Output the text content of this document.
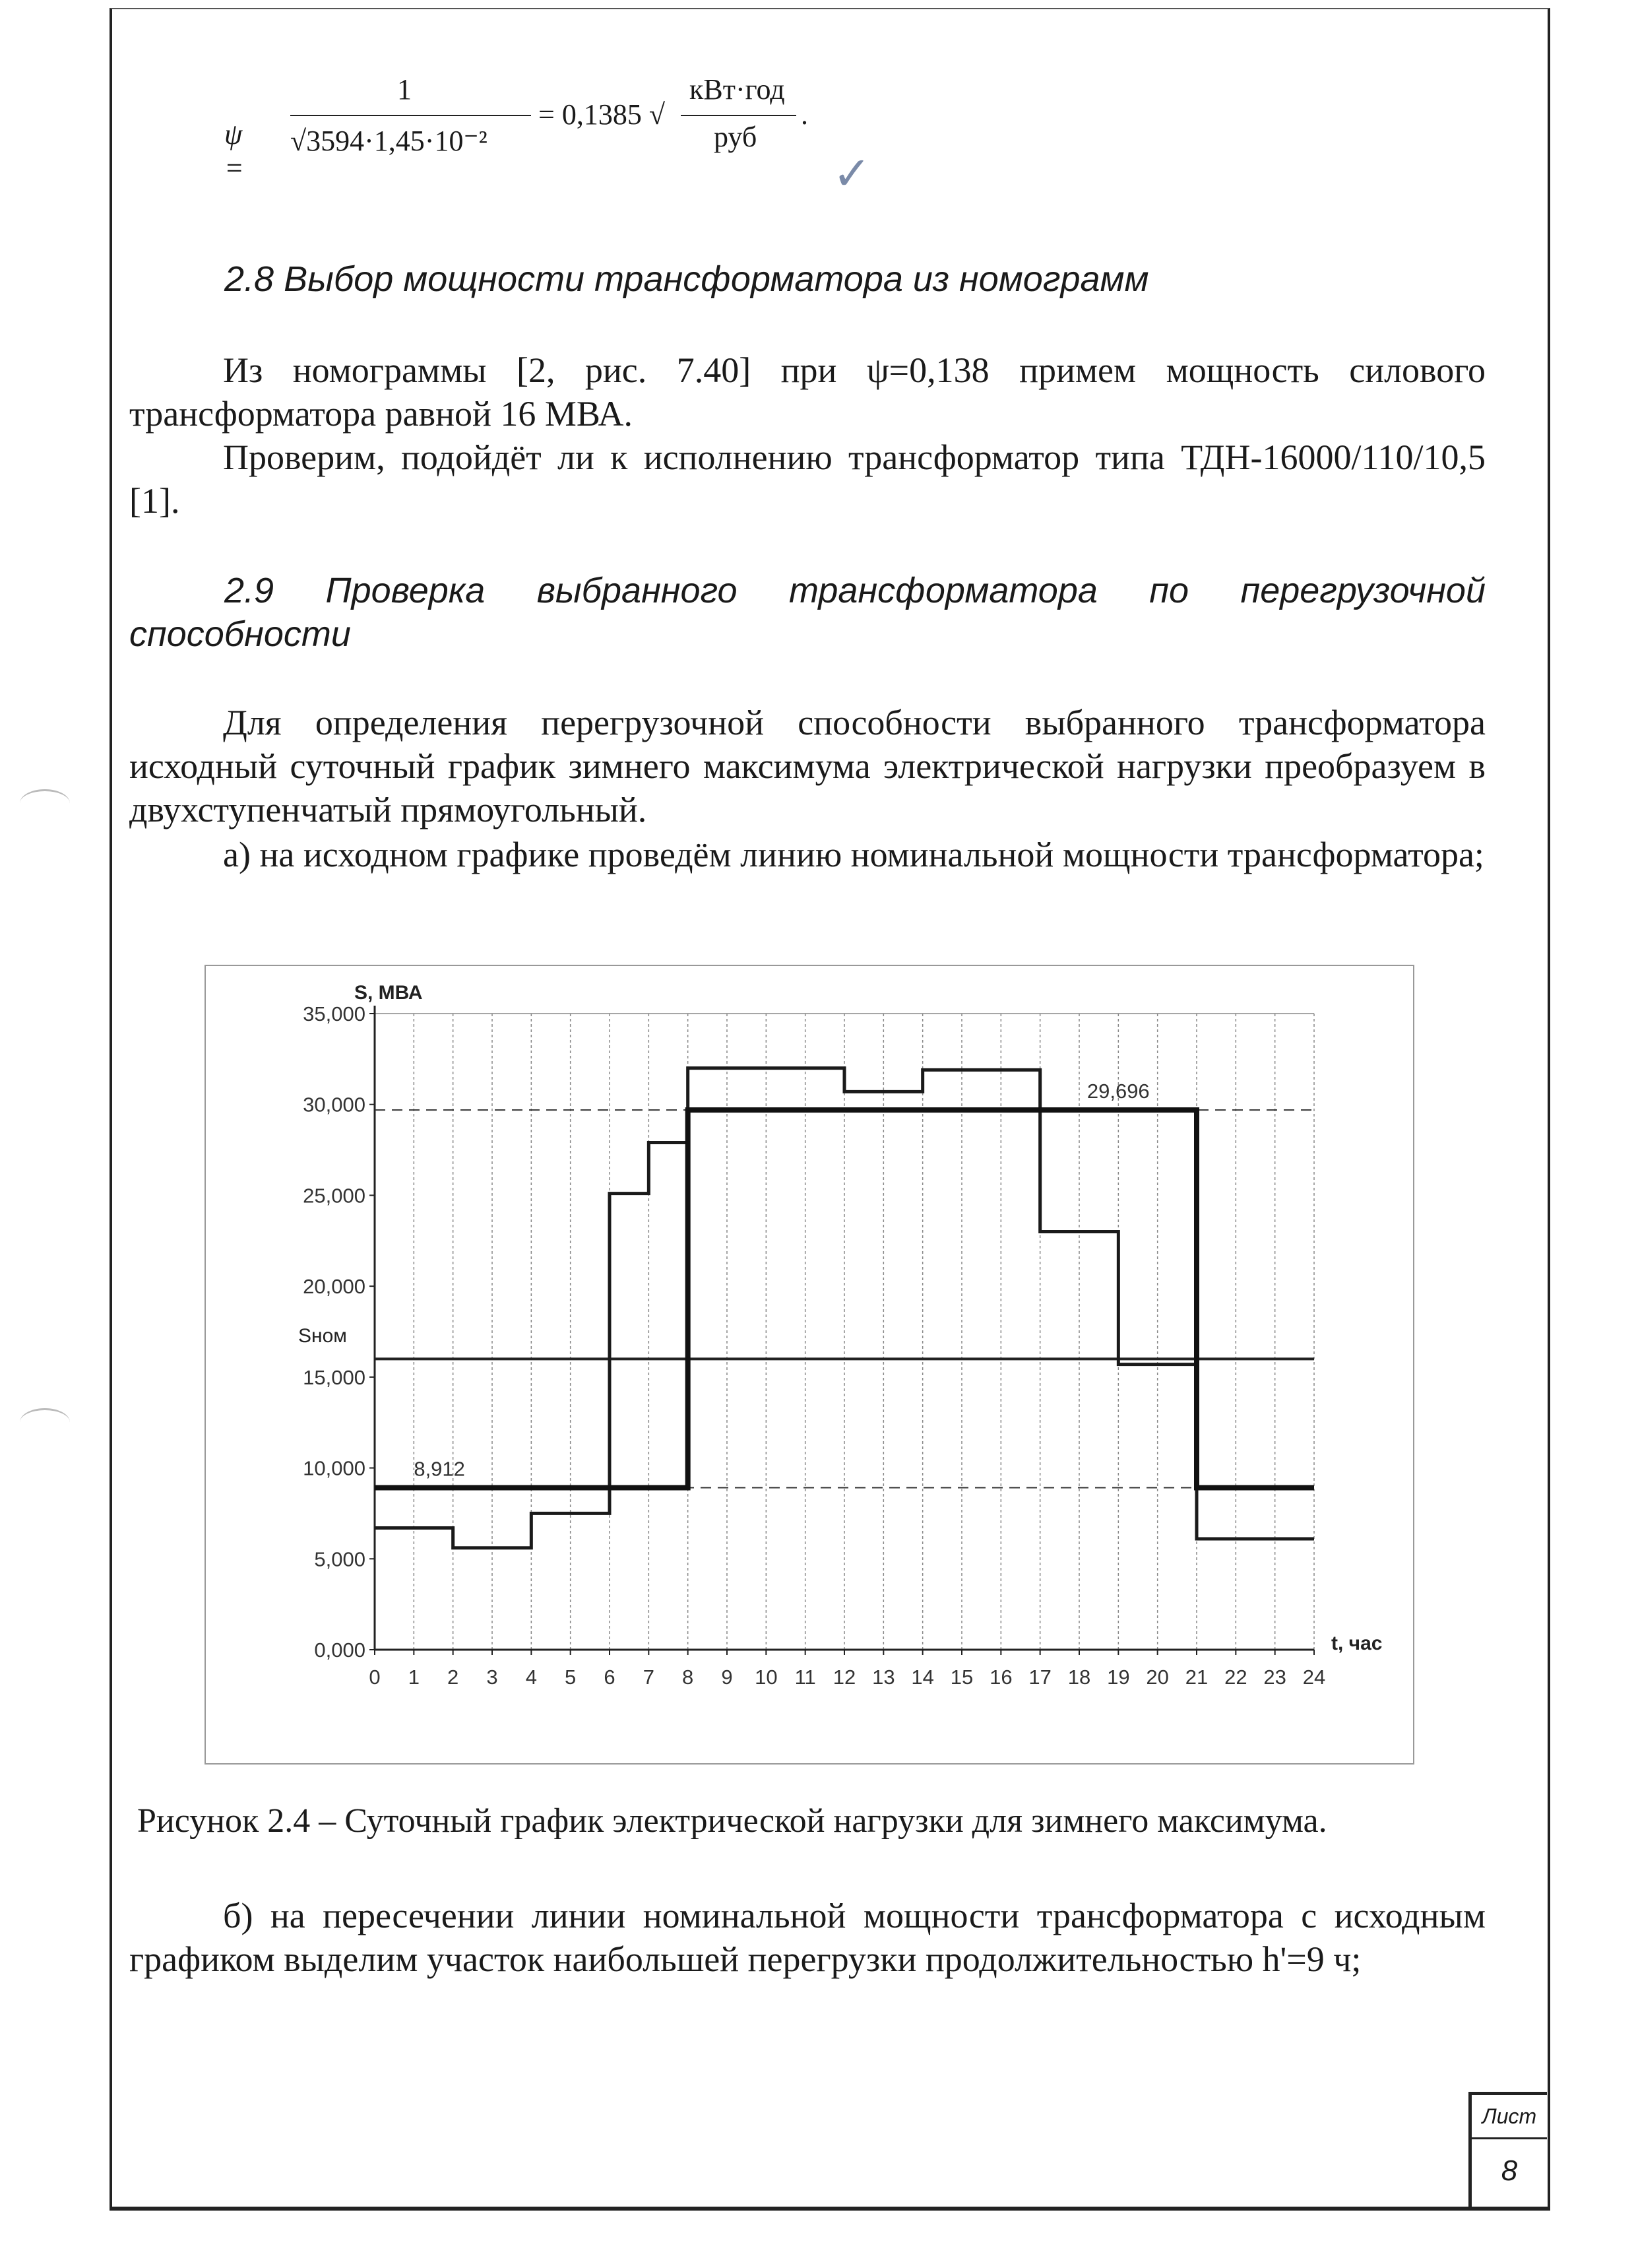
ψ =
1
√3594·1,45·10⁻²
= 0,1385 √
кВт·год
руб
.
✓
2.8 Выбор мощности трансформатора из номограмм
Из номограммы [2, рис. 7.40] при ψ=0,138 примем мощность силового трансформатора равной 16 МВА.
Проверим, подойдёт ли к исполнению трансформатор типа ТДН-16000/110/10,5 [1].
2.9 Проверка выбранного трансформатора по перегрузочной
способности
Для определения перегрузочной способности выбранного трансформатора исходный суточный график зимнего максимума электрической нагрузки преобразуем в двухступенчатый прямоугольный.
а) на исходном графике проведём линию номинальной мощности трансформатора;
S, МВА
t, час
Sном
0,000
5,000
10,000
15,000
20,000
25,000
30,000
35,000
0 1 2 3 4 5 6 7 8 9 10 11 12 13 14 15 16 17 18 19 20 21 22 23 24
29,696
8,912
Рисунок 2.4 – Суточный график электрической нагрузки для зимнего максимума.
б) на пересечении линии номинальной мощности трансформатора с исходным графиком выделим участок наибольшей перегрузки продолжительностью h'=9 ч;
Лист
8
